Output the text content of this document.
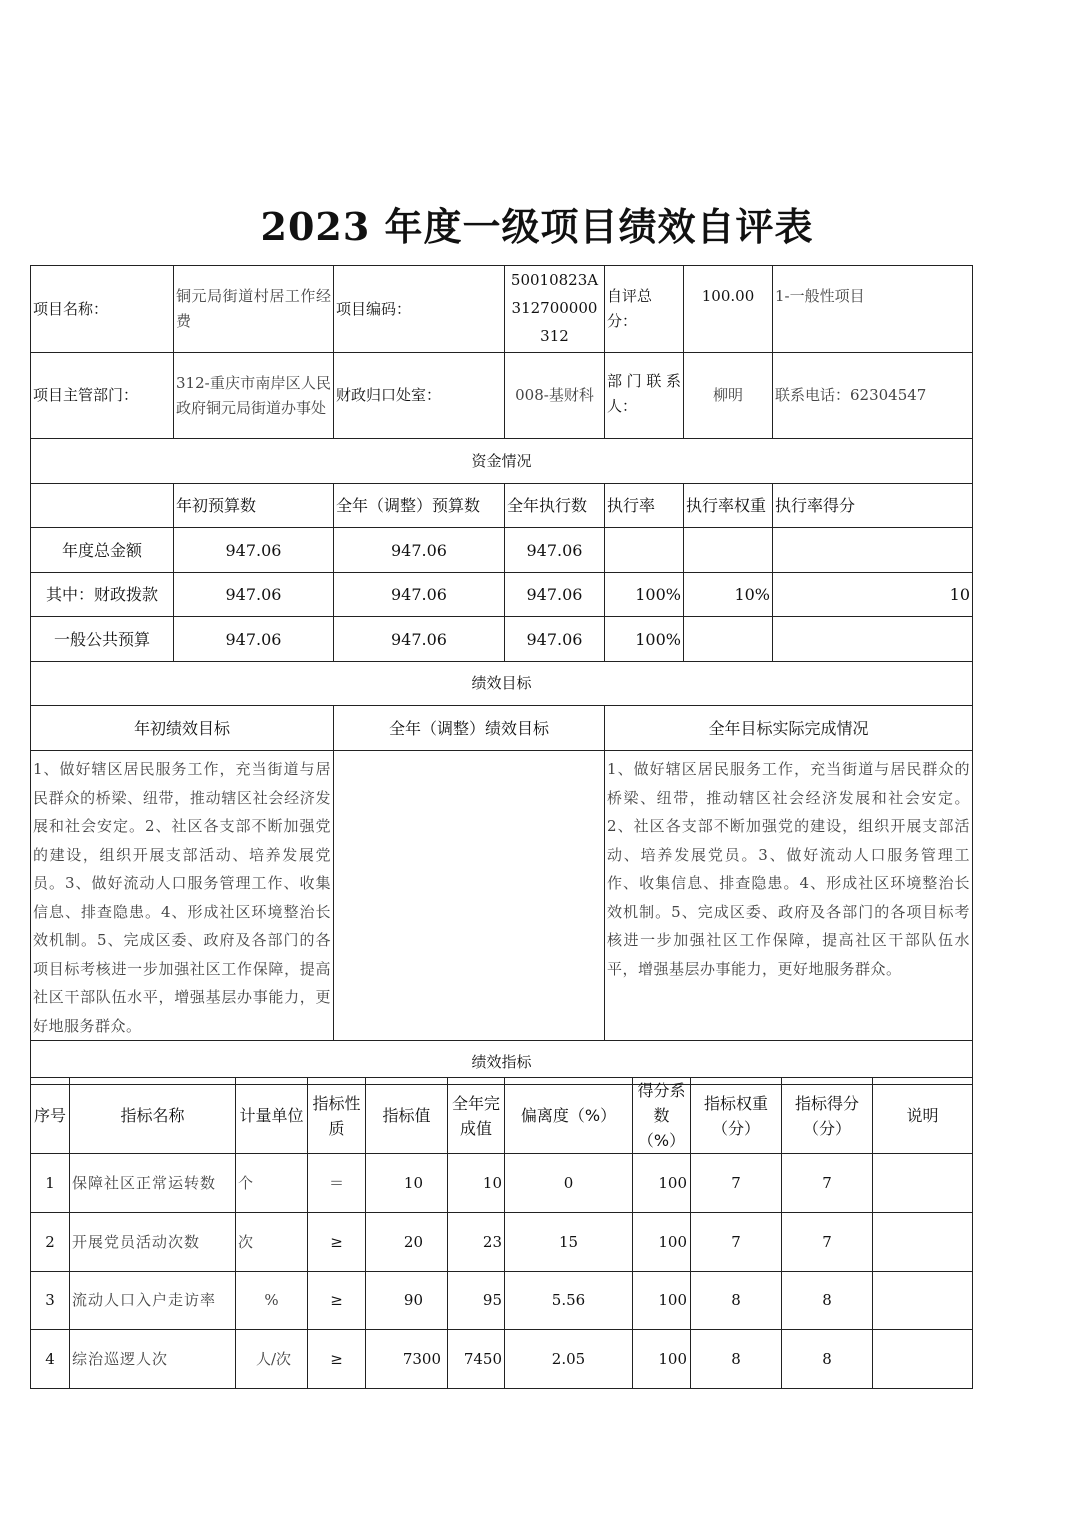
2023 年度一级项目绩效自评表
项目名称：	铜元局街道村居工作经费	项目编码：	50010823A312700000312	自评总分：	100.00	1-一般性项目
项目主管部门：	312-重庆市南岸区人民政府铜元局街道办事处	财政归口处室：	008-基财科	部门联系人：	柳明	联系电话：62304547
资金情况						
	年初预算数	全年（调整）预算数	全年执行数	执行率	执行率权重	执行率得分
年度总金额	947.06	947.06	947.06			
其中：财政拨款	947.06	947.06	947.06	100%	10%	10
一般公共预算	947.06	947.06	947.06	100%		
绩效目标						
年初绩效目标		全年（调整）绩效目标		全年目标实际完成情况		
1、做好辖区居民服务工作，充当街道与居民群众的桥梁、纽带，推动辖区社会经济发展和社会安定。2、社区各支部不断加强党的建设，组织开展支部活动、培养发展党员。3、做好流动人口服务管理工作、收集信息、排查隐患。4、形成社区环境整治长效机制。5、完成区委、政府及各部门的各项目标考核进一步加强社区工作保障，提高社区干部队伍水平，增强基层办事能力，更好地服务群众。				1、做好辖区居民服务工作，充当街道与居民群众的桥梁、纽带，推动辖区社会经济发展和社会安定。2、社区各支部不断加强党的建设，组织开展支部活动、培养发展党员。3、做好流动人口服务管理工作、收集信息、排查隐患。4、形成社区环境整治长效机制。5、完成区委、政府及各部门的各项目标考核进一步加强社区工作保障，提高社区干部队伍水平，增强基层办事能力，更好地服务群众。		
绩效指标						
序号	指标名称	计量单位	指标性质	指标值	全年完成值	偏离度（%）	得分系数（%）	指标权重（分）	指标得分（分）	说明
1	保障社区正常运转数	个	＝	10	10	0	100	7	7	
2	开展党员活动次数	次	≥	20	23	15	100	7	7	
3	流动人口入户走访率	%	≥	90	95	5.56	100	8	8	
4	综治巡逻人次	人/次	≥	7300	7450	2.05	100	8	8	
